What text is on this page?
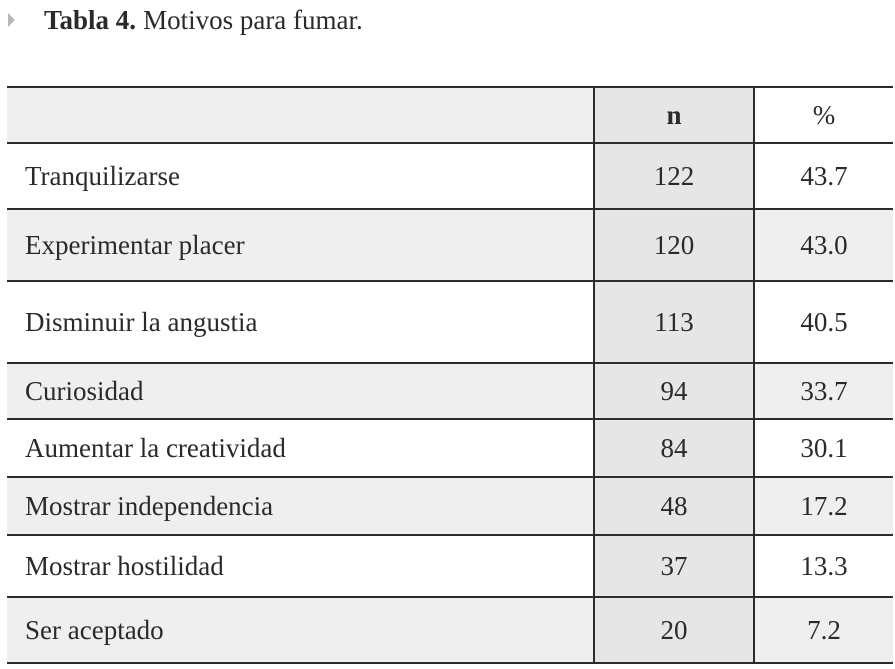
Tabla 4. Motivos para fumar.
	n	%
Tranquilizarse	122	43.7
Experimentar placer	120	43.0
Disminuir la angustia	113	40.5
Curiosidad	94	33.7
Aumentar la creatividad	84	30.1
Mostrar independencia	48	17.2
Mostrar hostilidad	37	13.3
Ser aceptado	20	7.2
